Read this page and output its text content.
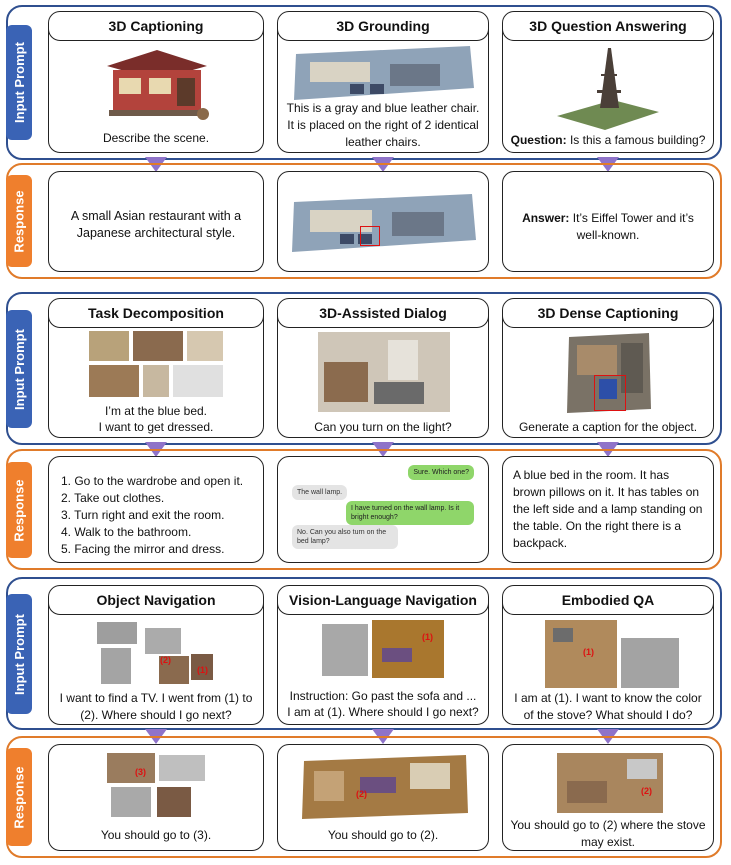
Input Prompt
3D Captioning
Describe the scene.
3D Grounding
This is a gray and blue leather chair. It is placed on the right of 2 identical leather chairs.
3D Question Answering
Question: Is this a famous building?
Response	A small Asian restaurant with a Japanese architectural style.
Answer: It’s Eiffel Tower and it’s well-known.
Input Prompt
Task Decomposition
I’m at the blue bed.
I want to get dressed.
3D-Assisted Dialog
Can you turn on the light?
3D Dense Captioning
Generate a caption for the object.
Response	1. Go to the wardrobe and open it.
2. Take out clothes.
3. Turn right and exit the room.
4. Walk to the bathroom.
5. Facing the mirror and dress.
Sure. Which one?
The wall lamp.
I have turned on the wall lamp. Is it bright enough?
No. Can you also turn on the bed lamp?
A blue bed in the room. It has brown pillows on it. It has tables on the left side and a lamp standing on the table. On the right there is a backpack.
Input Prompt
Object Navigation
(2)
(1)
I want to find a TV. I went from (1) to (2). Where should I go next?
Vision-Language Navigation
(1)
Instruction: Go past the sofa and ...
I am at (1). Where should I go next?
Embodied QA
(1)
I am at (1). I want to know the color of the stove? What should I do?
Response	(3)
You should go to (3).
(2)
You should go to (2).
(2)
You should go to (2) where the stove may exist.
